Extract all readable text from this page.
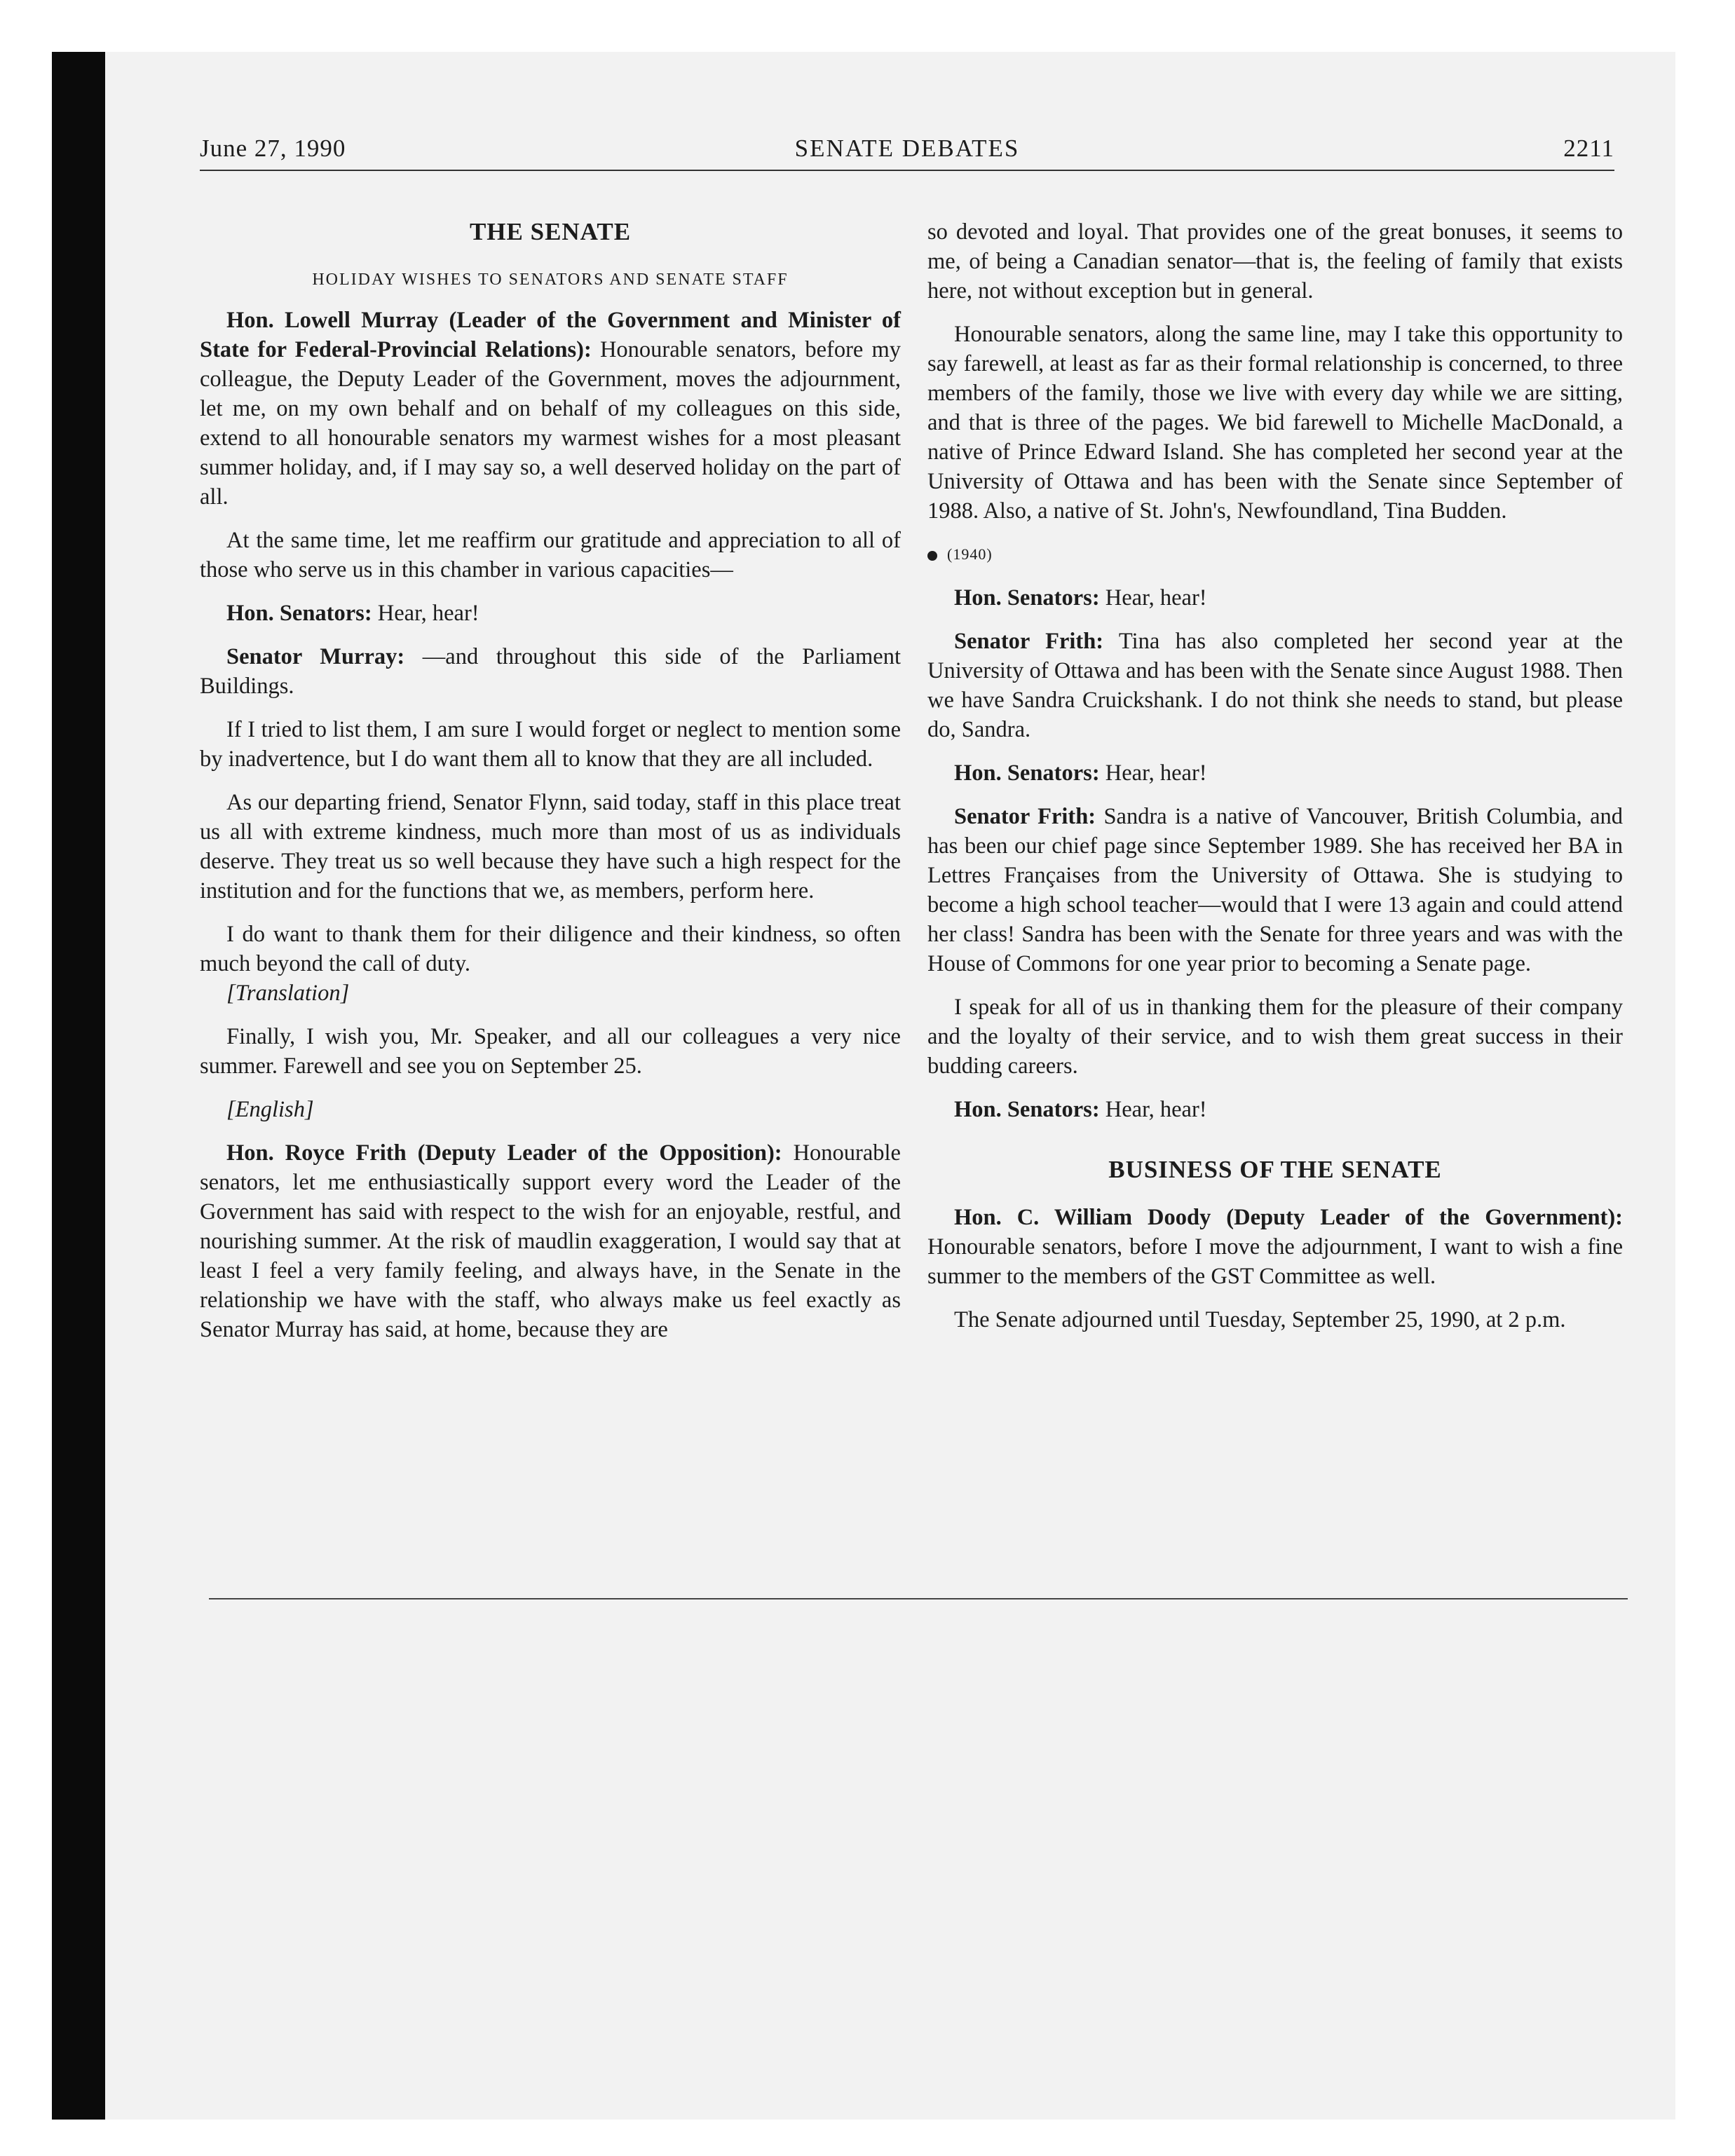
June 27, 1990	SENATE DEBATES	2211
THE SENATE
HOLIDAY WISHES TO SENATORS AND SENATE STAFF

Hon. Lowell Murray (Leader of the Government and Minister of State for Federal-Provincial Relations): Honourable senators, before my colleague, the Deputy Leader of the Government, moves the adjournment, let me, on my own behalf and on behalf of my colleagues on this side, extend to all honourable senators my warmest wishes for a most pleasant summer holiday, and, if I may say so, a well deserved holiday on the part of all.

At the same time, let me reaffirm our gratitude and appreciation to all of those who serve us in this chamber in various capacities—

Hon. Senators: Hear, hear!

Senator Murray: —and throughout this side of the Parliament Buildings.

If I tried to list them, I am sure I would forget or neglect to mention some by inadvertence, but I do want them all to know that they are all included.

As our departing friend, Senator Flynn, said today, staff in this place treat us all with extreme kindness, much more than most of us as individuals deserve. They treat us so well because they have such a high respect for the institution and for the functions that we, as members, perform here.

I do want to thank them for their diligence and their kindness, so often much beyond the call of duty.

[Translation]

Finally, I wish you, Mr. Speaker, and all our colleagues a very nice summer. Farewell and see you on September 25.

[English]

Hon. Royce Frith (Deputy Leader of the Opposition): Honourable senators, let me enthusiastically support every word the Leader of the Government has said with respect to the wish for an enjoyable, restful, and nourishing summer. At the risk of maudlin exaggeration, I would say that at least I feel a very family feeling, and always have, in the Senate in the relationship we have with the staff, who always make us feel exactly as Senator Murray has said, at home, because they are

so devoted and loyal. That provides one of the great bonuses, it seems to me, of being a Canadian senator—that is, the feeling of family that exists here, not without exception but in general.

Honourable senators, along the same line, may I take this opportunity to say farewell, at least as far as their formal relationship is concerned, to three members of the family, those we live with every day while we are sitting, and that is three of the pages. We bid farewell to Michelle MacDonald, a native of Prince Edward Island. She has completed her second year at the University of Ottawa and has been with the Senate since September of 1988. Also, a native of St. John's, Newfoundland, Tina Budden.

(1940)

Hon. Senators: Hear, hear!

Senator Frith: Tina has also completed her second year at the University of Ottawa and has been with the Senate since August 1988. Then we have Sandra Cruickshank. I do not think she needs to stand, but please do, Sandra.

Hon. Senators: Hear, hear!

Senator Frith: Sandra is a native of Vancouver, British Columbia, and has been our chief page since September 1989. She has received her BA in Lettres Françaises from the University of Ottawa. She is studying to become a high school teacher—would that I were 13 again and could attend her class! Sandra has been with the Senate for three years and was with the House of Commons for one year prior to becoming a Senate page.

I speak for all of us in thanking them for the pleasure of their company and the loyalty of their service, and to wish them great success in their budding careers.

Hon. Senators: Hear, hear!

BUSINESS OF THE SENATE

Hon. C. William Doody (Deputy Leader of the Government): Honourable senators, before I move the adjournment, I want to wish a fine summer to the members of the GST Committee as well.

The Senate adjourned until Tuesday, September 25, 1990, at 2 p.m.
